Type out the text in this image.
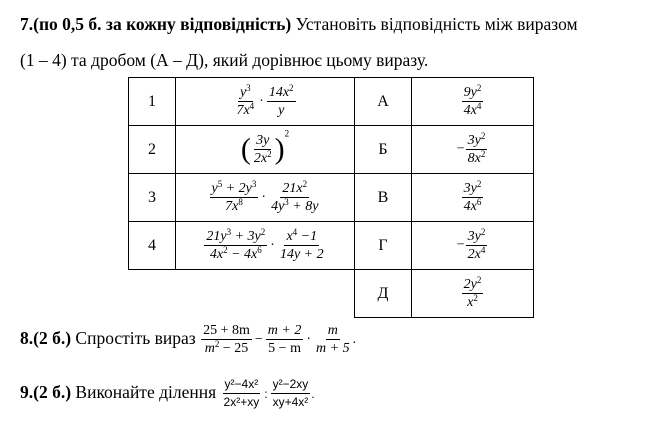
7.(по 0,5 б. за кожну відповідність) Установіть відповідність між виразом
(1 – 4) та дробом (А – Д), який дорівнює цьому виразу.
1	$\frac{y^3}{7x^4} \cdot \frac{14x^2}{y}$	А	$\frac{9y^2}{4x^4}$

2	( $\frac{3y}{2x^2} )^2$	Б	− $\frac{3y^2}{8x^2}$

3	$\frac{y^5 + 2y^3}{7x^8} \cdot \frac{21x^2}{4y^3 + 8y}$	В	$\frac{3y^2}{4x^6}$

4	$\frac{21y^3 + 3y^2}{4x^2 - 4x^6} \cdot \frac{x^4 -1}{14y + 2}$	Г	− $\frac{3y^2}{2x^4}$

		Д	$\frac{2y^2}{x^2}$
8.(2 б.) Спростіть вираз $\frac{25 + 8m}{m^2 - 25} - \frac{m + 2}{5 - m} \cdot \frac{m}{m + 5}$ .
9.(2 б.) Виконайте ділення $\frac{\text{y²−4x²}}{\text{2x²+xy}}$ : $\frac{\text{y²−2xy}}{\text{xy+4x²}}$ .
